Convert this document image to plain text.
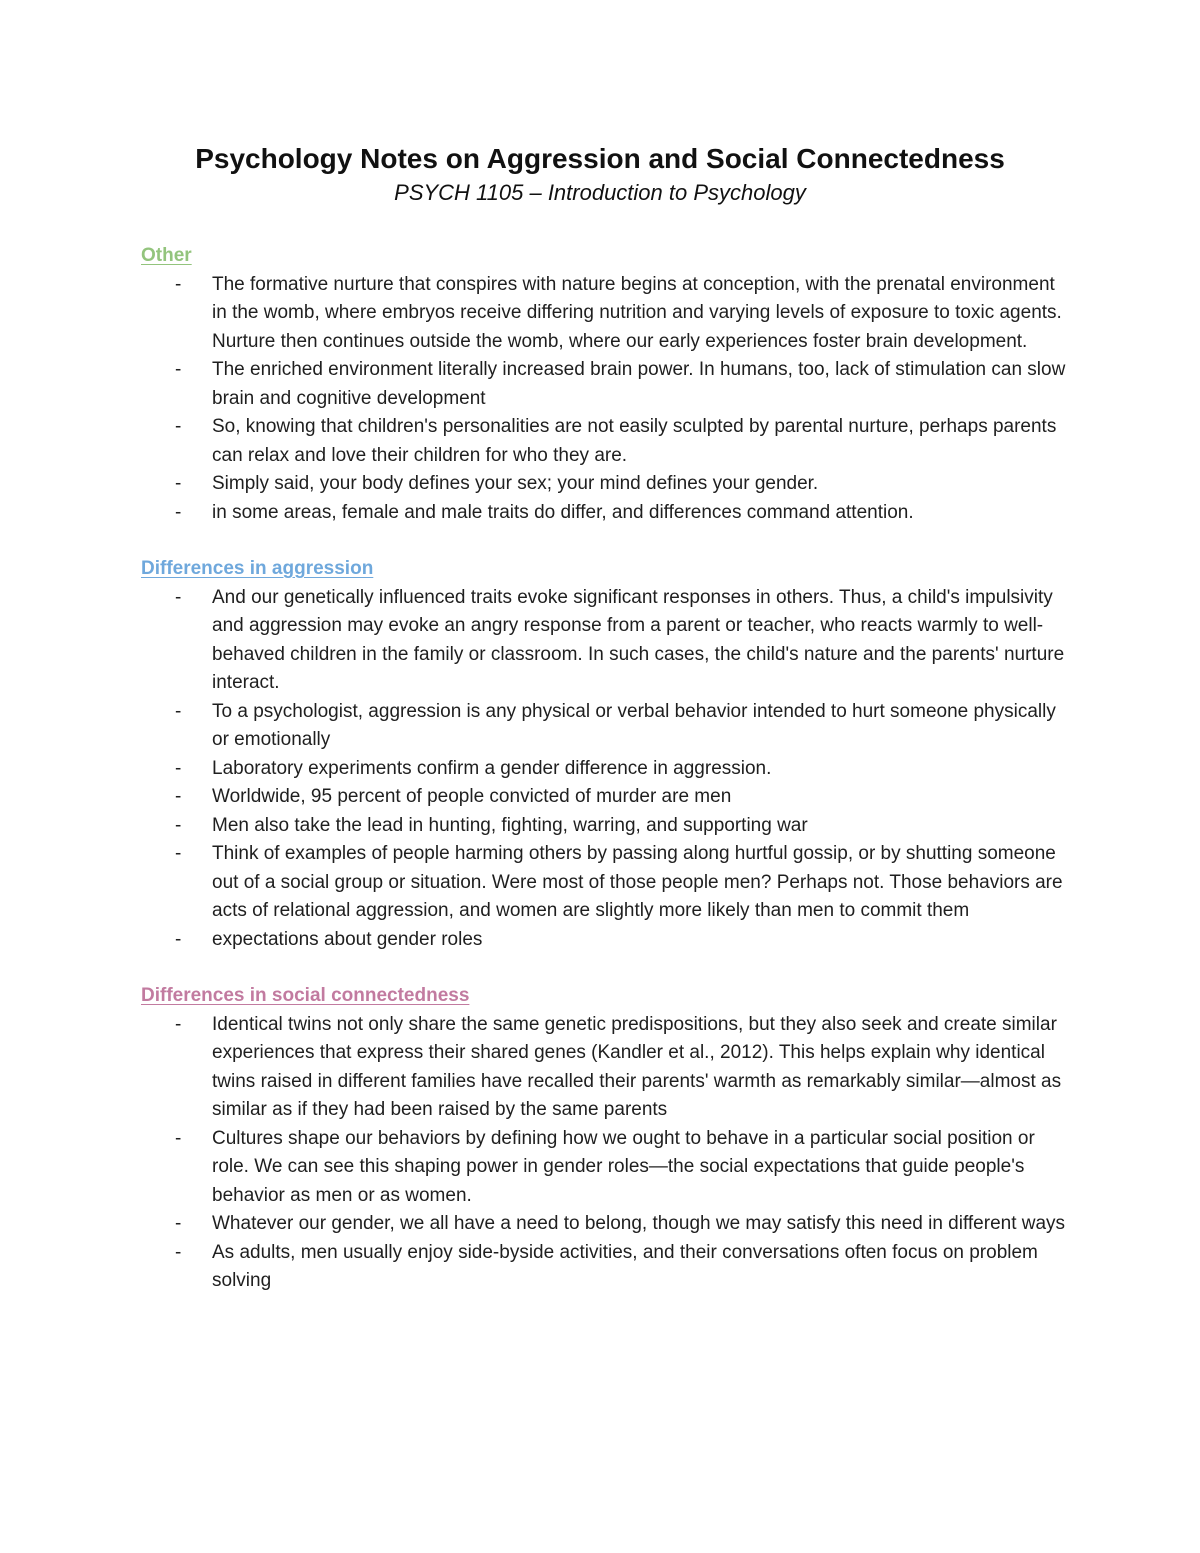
Psychology Notes on Aggression and Social Connectedness
PSYCH 1105 – Introduction to Psychology
Other
- The formative nurture that conspires with nature begins at conception, with the prenatal environment in the womb, where embryos receive differing nutrition and varying levels of exposure to toxic agents. Nurture then continues outside the womb, where our early experiences foster brain development.
- The enriched environment literally increased brain power. In humans, too, lack of stimulation can slow brain and cognitive development
- So, knowing that children's personalities are not easily sculpted by parental nurture, perhaps parents can relax and love their children for who they are.
- Simply said, your body defines your sex; your mind defines your gender.
- in some areas, female and male traits do differ, and differences command attention.
Differences in aggression
- And our genetically influenced traits evoke significant responses in others. Thus, a child's impulsivity and aggression may evoke an angry response from a parent or teacher, who reacts warmly to well-behaved children in the family or classroom. In such cases, the child's nature and the parents' nurture interact.
- To a psychologist, aggression is any physical or verbal behavior intended to hurt someone physically or emotionally
- Laboratory experiments confirm a gender difference in aggression.
- Worldwide, 95 percent of people convicted of murder are men
- Men also take the lead in hunting, fighting, warring, and supporting war
- Think of examples of people harming others by passing along hurtful gossip, or by shutting someone out of a social group or situation. Were most of those people men? Perhaps not. Those behaviors are acts of relational aggression, and women are slightly more likely than men to commit them
- expectations about gender roles
Differences in social connectedness
- Identical twins not only share the same genetic predispositions, but they also seek and create similar experiences that express their shared genes (Kandler et al., 2012). This helps explain why identical twins raised in different families have recalled their parents' warmth as remarkably similar—almost as similar as if they had been raised by the same parents
- Cultures shape our behaviors by defining how we ought to behave in a particular social position or role. We can see this shaping power in gender roles—the social expectations that guide people's behavior as men or as women.
- Whatever our gender, we all have a need to belong, though we may satisfy this need in different ways
- As adults, men usually enjoy side-byside activities, and their conversations often focus on problem solving
